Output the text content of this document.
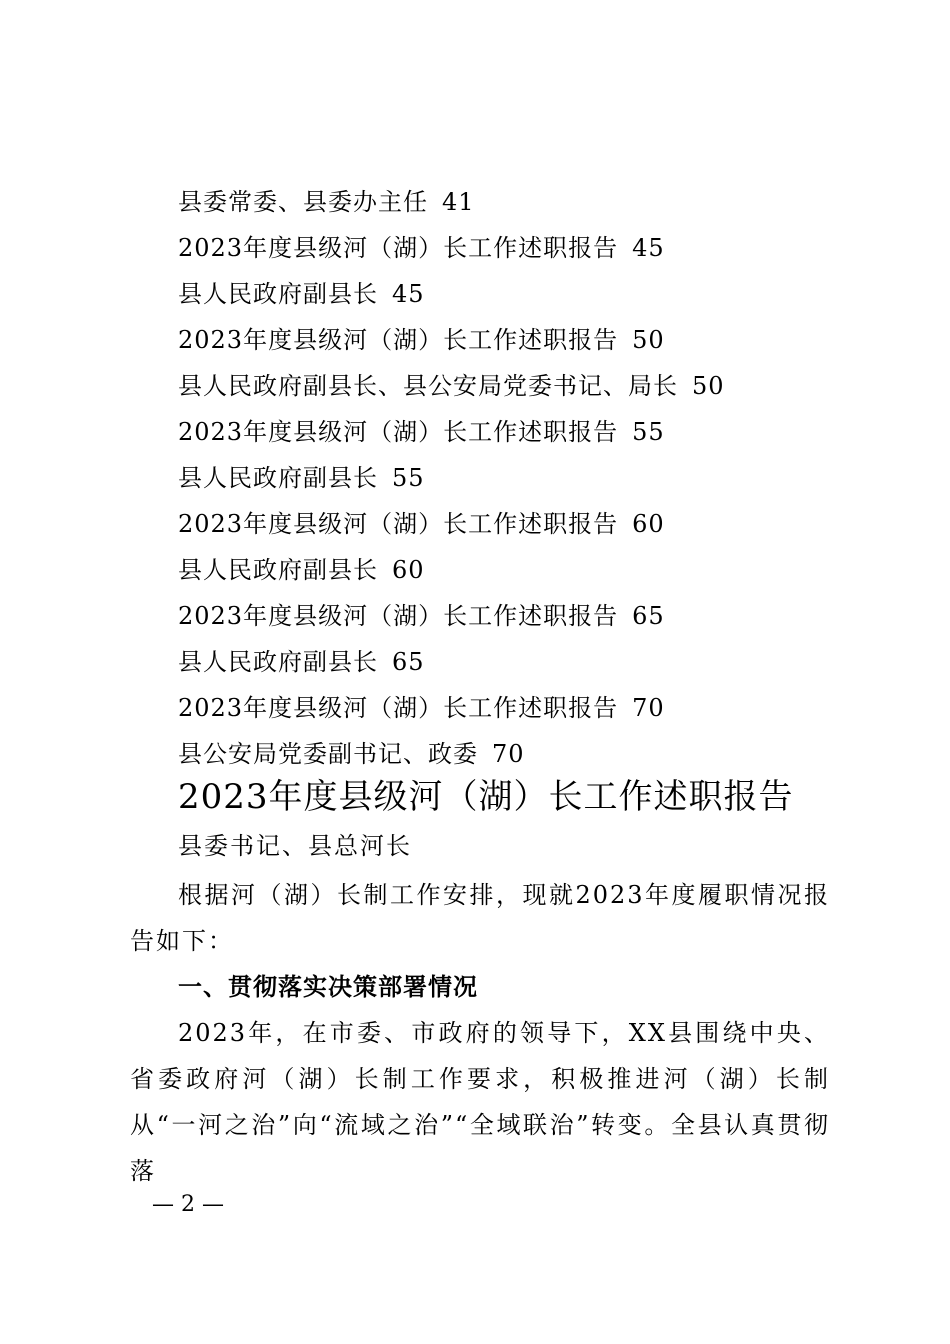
县委常委、县委办主任 41
2023年度县级河（湖）长工作述职报告 45
县人民政府副县长 45
2023年度县级河（湖）长工作述职报告 50
县人民政府副县长、县公安局党委书记、局长 50
2023年度县级河（湖）长工作述职报告 55
县人民政府副县长 55
2023年度县级河（湖）长工作述职报告 60
县人民政府副县长 60
2023年度县级河（湖）长工作述职报告 65
县人民政府副县长 65
2023年度县级河（湖）长工作述职报告 70
县公安局党委副书记、政委 70
2023年度县级河（湖）长工作述职报告
县委书记、县总河长
根据河（湖）长制工作安排，现就2023年度履职情况报告如下：
一、贯彻落实决策部署情况
2023年，在市委、市政府的领导下，XX县围绕中央、省委政府河（湖）长制工作要求，积极推进河（湖）长制从“一河之治”向“流域之治”“全域联治”转变。全县认真贯彻落
— 2 —
